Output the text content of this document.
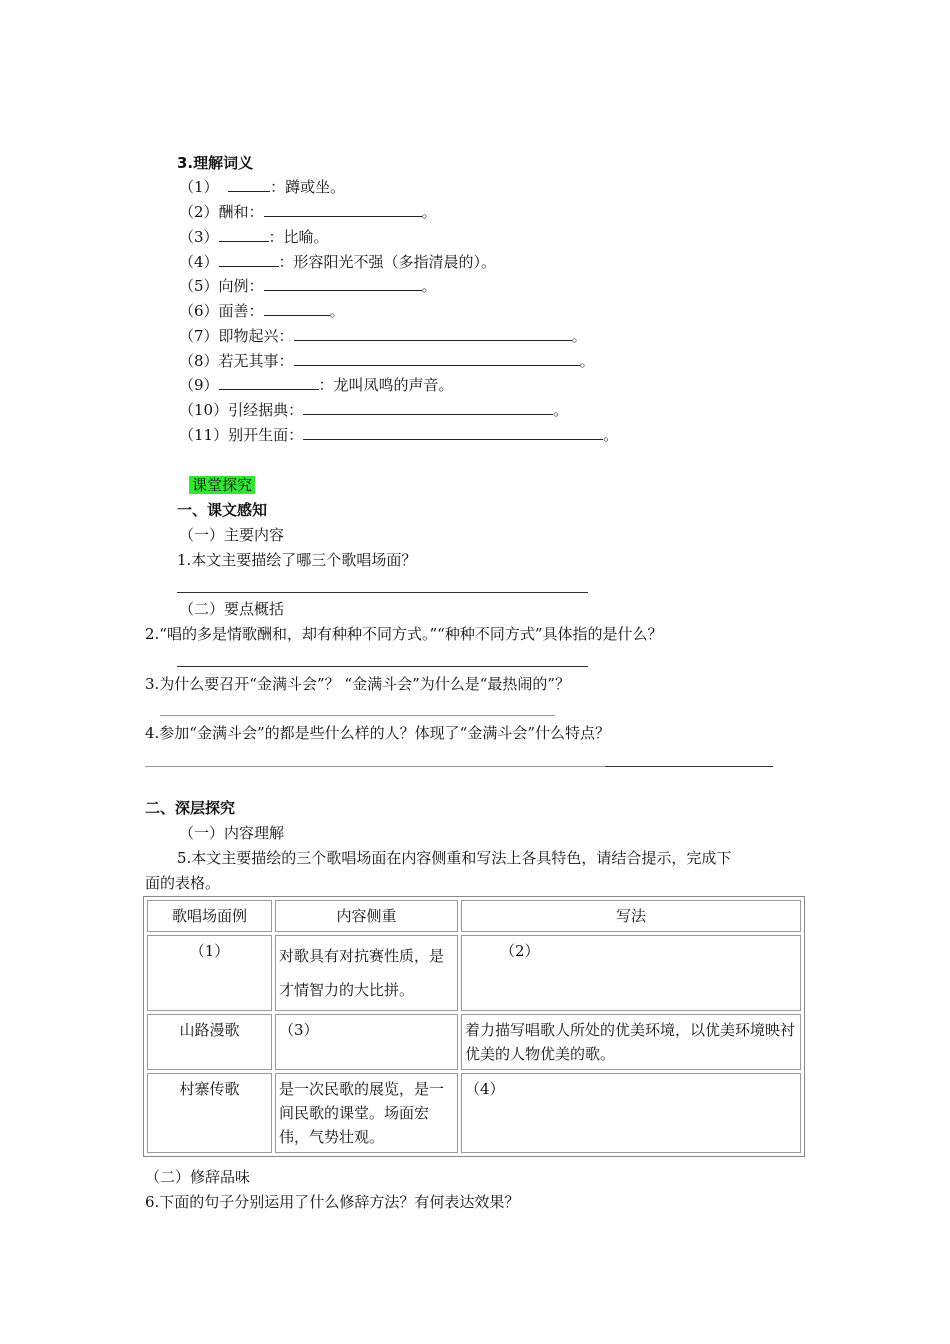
3.理解词义
（1）	：蹲或坐。
（2）酬和：	。
（3）	：比喻。
（4）	：形容阳光不强（多指清晨的）。
（5）向例：	。
（6）面善：	。
（7）即物起兴：	。
（8）若无其事：	。
（9）	：龙叫凤鸣的声音。
（10）引经据典：	。
（11）别开生面：	。
课堂探究
一、课文感知
（一）主要内容
1.本文主要描绘了哪三个歌唱场面？
（二）要点概括
2.“唱的多是情歌酬和，却有种种不同方式。”“种种不同方式”具体指的是什么？
3.为什么要召开“金满斗会”？ “金满斗会”为什么是“最热闹的”？
4.参加“金满斗会”的都是些什么样的人？体现了“金满斗会”什么特点？
二、深层探究
（一）内容理解
5.本文主要描绘的三个歌唱场面在内容侧重和写法上各具特色，请结合提示，完成下
面的表格。
歌唱场面例	内容侧重	写法
（1）	对歌具有对抗赛性质，是才情智力的大比拼。	（2）
山路漫歌	（3）	着力描写唱歌人所处的优美环境，以优美环境映衬优美的人物优美的歌。
村寨传歌	是一次民歌的展览，是一间民歌的课堂。场面宏伟，气势壮观。	（4）
（二）修辞品味
6.下面的句子分别运用了什么修辞方法？有何表达效果？
